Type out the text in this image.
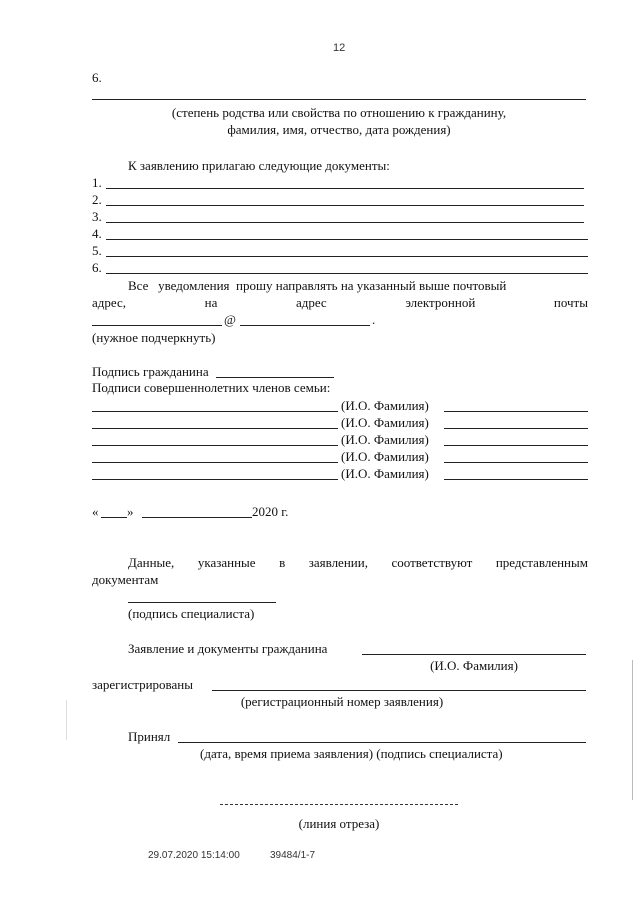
12
6.
(степень родства или свойства по отношению к гражданину,
фамилия, имя, отчество, дата рождения)
К заявлению прилагаю следующие документы:
1.
2.
3.
4.
5.
6.
Все   уведомления  прошу направлять на указанный выше почтовый
адрес,	на	адрес	электронной	почты
@	.
(нужное подчеркнуть)
Подпись гражданина
Подписи совершеннолетних членов семьи:
(И.О. Фамилия)
(И.О. Фамилия)
(И.О. Фамилия)
(И.О. Фамилия)
(И.О. Фамилия)
« »	2020 г.
Данные, указанные в заявлении, соответствуют представленным
документам
(подпись специалиста)
Заявление и документы гражданина
(И.О. Фамилия)
зарегистрированы
(регистрационный номер заявления)
Принял
(дата, время приема заявления) (подпись специалиста)
(линия отреза)
29.07.2020 15:14:00	39484/1-7
